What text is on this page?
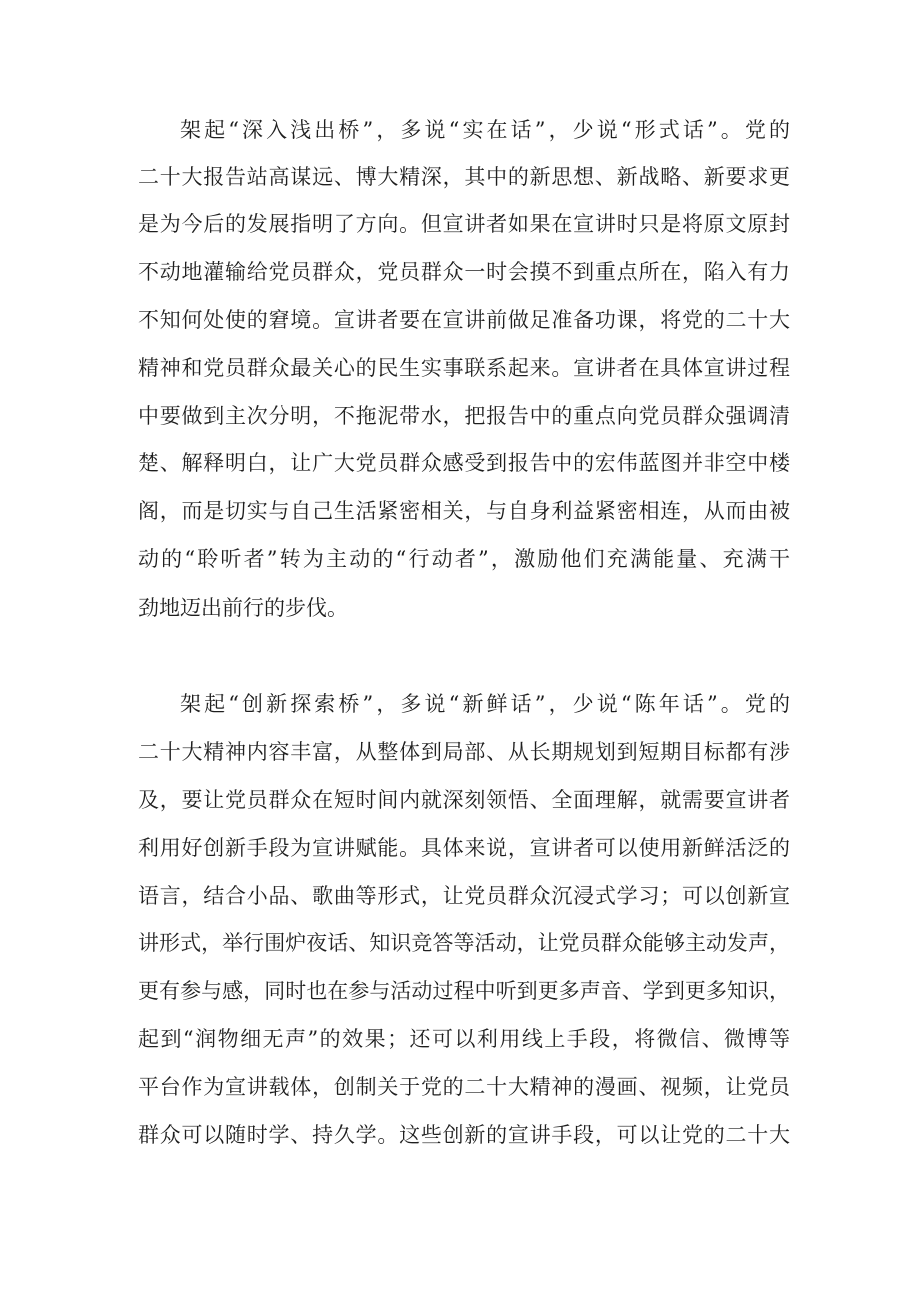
架起“深入浅出桥”，多说“实在话”，少说“形式话”。党的
二十大报告站高谋远、博大精深，其中的新思想、新战略、新要求更
是为今后的发展指明了方向。但宣讲者如果在宣讲时只是将原文原封
不动地灌输给党员群众，党员群众一时会摸不到重点所在，陷入有力
不知何处使的窘境。宣讲者要在宣讲前做足准备功课，将党的二十大
精神和党员群众最关心的民生实事联系起来。宣讲者在具体宣讲过程
中要做到主次分明，不拖泥带水，把报告中的重点向党员群众强调清
楚、解释明白，让广大党员群众感受到报告中的宏伟蓝图并非空中楼
阁，而是切实与自己生活紧密相关，与自身利益紧密相连，从而由被
动的“聆听者”转为主动的“行动者”，激励他们充满能量、充满干
劲地迈出前行的步伐。
架起“创新探索桥”，多说“新鲜话”，少说“陈年话”。党的
二十大精神内容丰富，从整体到局部、从长期规划到短期目标都有涉
及，要让党员群众在短时间内就深刻领悟、全面理解，就需要宣讲者
利用好创新手段为宣讲赋能。具体来说，宣讲者可以使用新鲜活泛的
语言，结合小品、歌曲等形式，让党员群众沉浸式学习；可以创新宣
讲形式，举行围炉夜话、知识竞答等活动，让党员群众能够主动发声，
更有参与感，同时也在参与活动过程中听到更多声音、学到更多知识，
起到“润物细无声”的效果；还可以利用线上手段，将微信、微博等
平台作为宣讲载体，创制关于党的二十大精神的漫画、视频，让党员
群众可以随时学、持久学。这些创新的宣讲手段，可以让党的二十大
